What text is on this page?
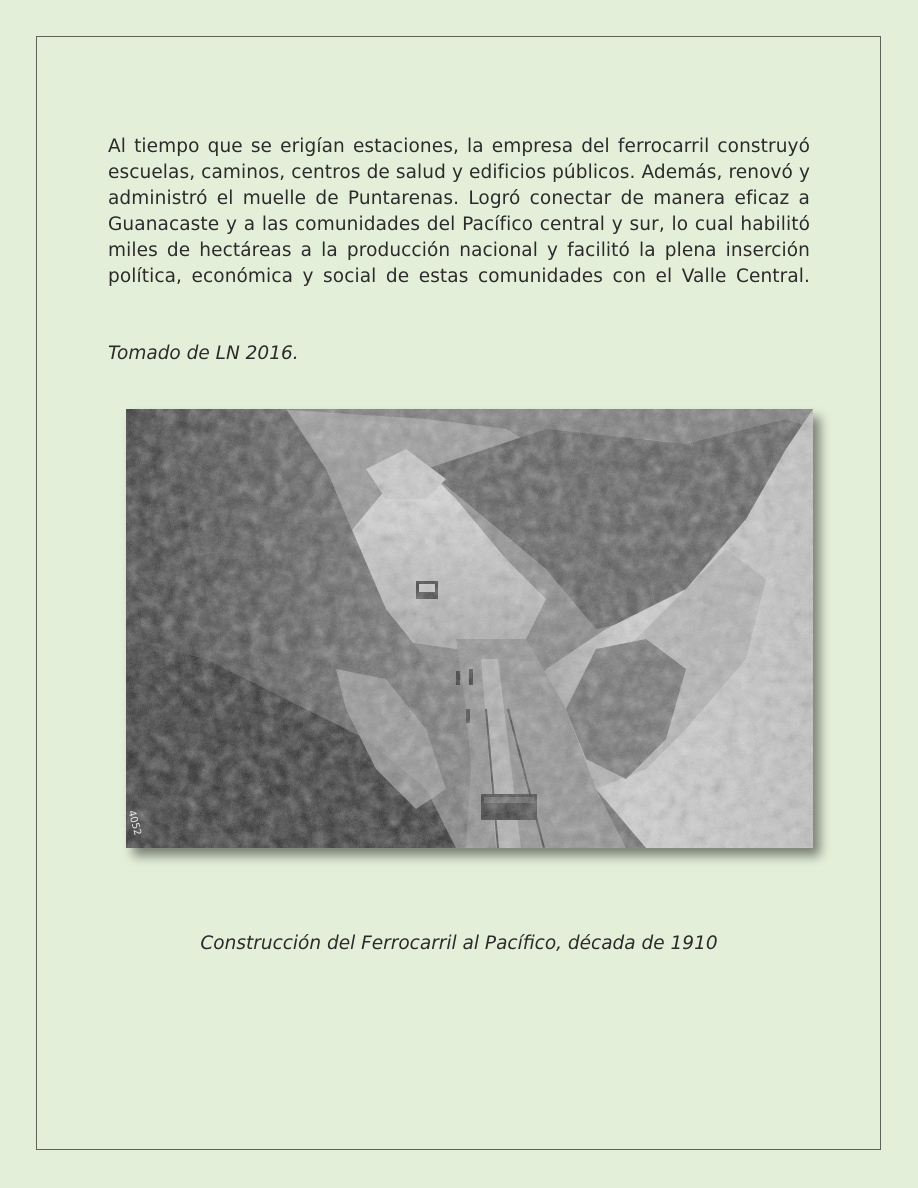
Al tiempo que se erigían estaciones, la empresa del ferrocarril construyó escuelas, caminos, centros de salud y edificios públicos. Además, renovó y administró el muelle de Puntarenas. Logró conectar de manera eficaz a Guanacaste y a las comunidades del Pacífico central y sur, lo cual habilitó miles de hectáreas a la producción nacional y facilitó la plena inserción política, económica y social de estas comunidades con el Valle Central.

Tomado de LN 2016.

4052

Construcción del Ferrocarril al Pacífico, década de 1910
